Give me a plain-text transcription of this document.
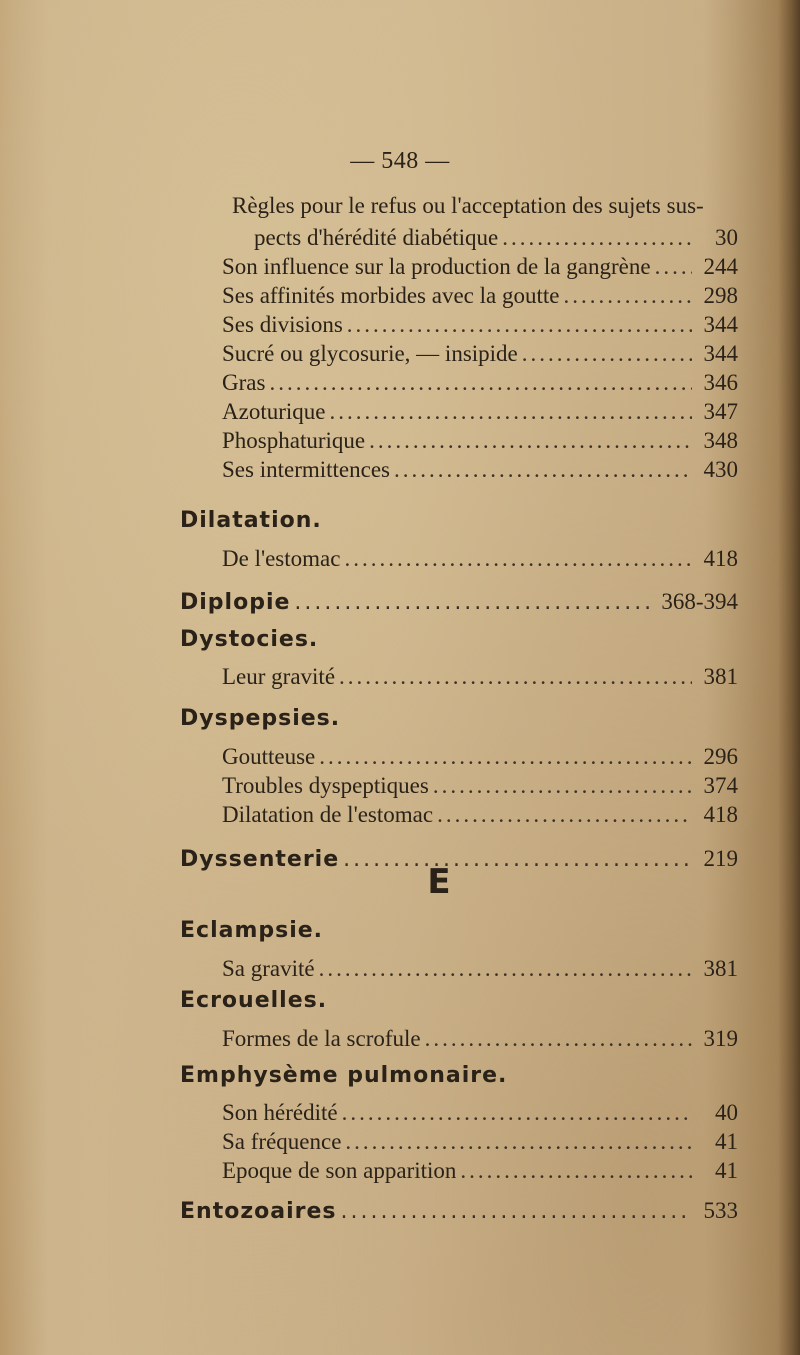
— 548 —
Règles pour le refus ou l'acceptation des sujets sus-
pects d'hérédité diabétique .....	30
Son influence sur la production de la gangrène ..... 244
Ses affinités morbides avec la goutte .....	298
Ses divisions .....	344
Sucré ou glycosurie, — insipide .....	344
Gras .....	346
Azoturique .....	347
Phosphaturique .....	348
Ses intermittences .....	430
Dilatation.
De l'estomac .....	418
Diplopie .....	368-394
Dystocies.
Leur gravité .....	381
Dyspepsies.
Goutteuse .....	296
Troubles dyspeptiques .....	374
Dilatation de l'estomac .....	418
Dyssenterie .....	219
E
Eclampsie.
Sa gravité .....	381
Ecrouelles.
Formes de la scrofule .....	319
Emphysème pulmonaire.
Son hérédité .....	40
Sa fréquence .....	41
Epoque de son apparition .....	41
Entozoaires .....	533
